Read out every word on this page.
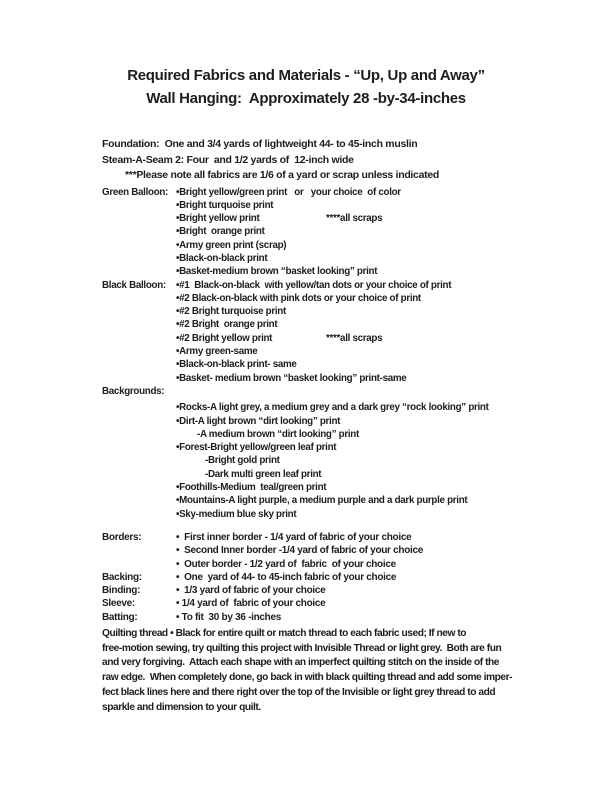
Required Fabrics and Materials - “Up, Up and Away”
Wall Hanging:  Approximately 28 -by-34-inches
Foundation:  One and 3/4 yards of lightweight 44- to 45-inch muslin
Steam-A-Seam 2: Four  and 1/2 yards of  12-inch wide
***Please note all fabrics are 1/6 of a yard or scrap unless indicated
Green Balloon: •Bright yellow/green print   or   your choice  of color
•Bright turquoise print
•Bright yellow print	****all scraps
•Bright  orange print
•Army green print (scrap)
•Black-on-black print
•Basket-medium brown “basket looking” print
Black Balloon:	•#1  Black-on-black  with yellow/tan dots or your choice of print
•#2 Black-on-black with pink dots or your choice of print
•#2 Bright turquoise print
•#2 Bright  orange print
•#2 Bright yellow print	****all scraps
•Army green-same
•Black-on-black print- same
•Basket- medium brown “basket looking” print-same
Backgrounds:
•Rocks-A light grey, a medium grey and a dark grey “rock looking” print
•Dirt-A light brown “dirt looking” print
-A medium brown “dirt looking” print
•Forest-Bright yellow/green leaf print
-Bright gold print
-Dark multi green leaf print
•Foothills-Medium  teal/green print
•Mountains-A light purple, a medium purple and a dark purple print
•Sky-medium blue sky print
Borders:	•  First inner border - 1/4 yard of fabric of your choice
•  Second Inner border -1/4 yard of fabric of your choice
•  Outer border - 1/2 yard of  fabric  of your choice
Backing:	•  One  yard of 44- to 45-inch fabric of your choice
Binding:	•  1/3 yard of fabric of your choice
Sleeve:	• 1/4 yard of  fabric of your choice
Batting:	• To fit  30 by 36 -inches
Quilting thread • Black for entire quilt or match thread to each fabric used; If new to
free-motion sewing, try quilting this project with Invisible Thread or light grey.  Both are fun
and very forgiving.  Attach each shape with an imperfect quilting stitch on the inside of the
raw edge.  When completely done, go back in with black quilting thread and add some imper-
fect black lines here and there right over the top of the Invisible or light grey thread to add
sparkle and dimension to your quilt.
